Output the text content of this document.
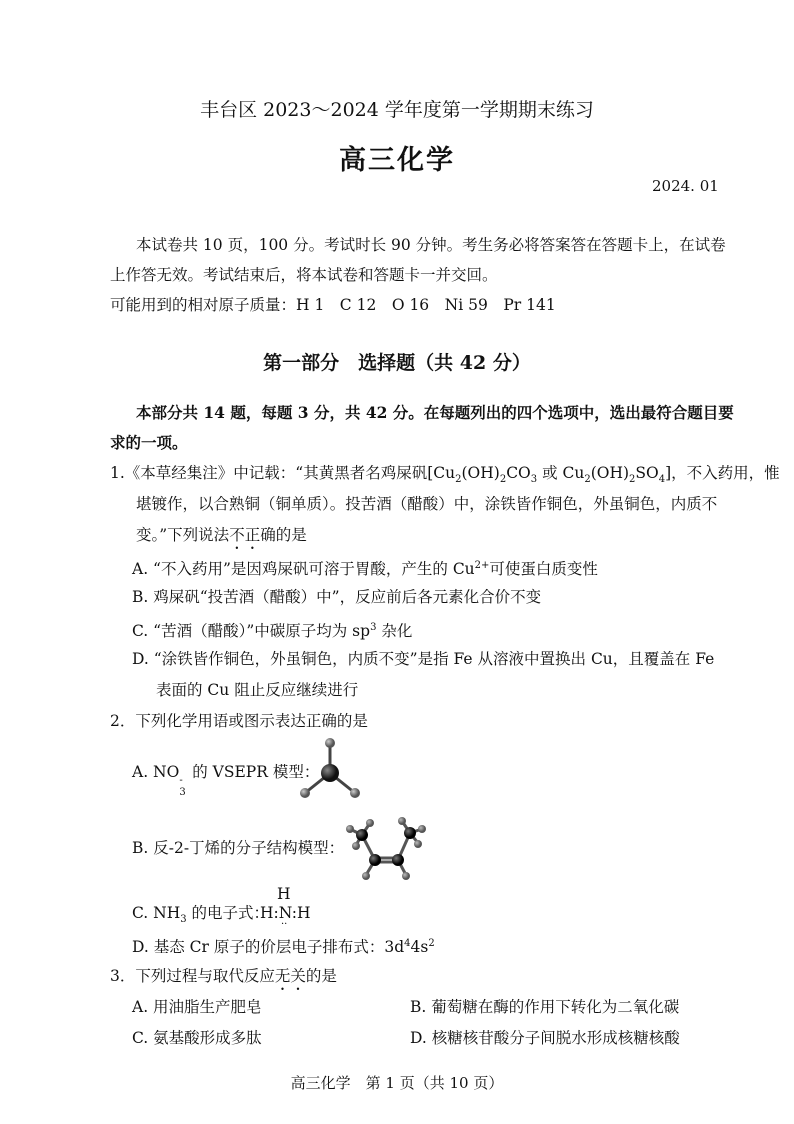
丰台区 2023～2024 学年度第一学期期末练习
高三化学
2024. 01
本试卷共 10 页，100 分。考试时长 90 分钟。考生务必将答案答在答题卡上，在试卷
上作答无效。考试结束后，将本试卷和答题卡一并交回。
可能用到的相对原子质量：H 1　C 12　O 16　Ni 59　Pr 141
第一部分　选择题（共 42 分）
本部分共 14 题，每题 3 分，共 42 分。在每题列出的四个选项中，选出最符合题目要
求的一项。
1.《本草经集注》中记载：“其黄黑者名鸡屎矾[$Cu_2(OH)_2CO_3$ 或 $Cu_2(OH)_2SO_4$]，不入药用，惟
堪镀作，以合熟铜（铜单质）。投苦酒（醋酸）中，涂铁皆作铜色，外虽铜色，内质不
变。”下列说法不正确的是
A. “不入药用”是因鸡屎矾可溶于胃酸，产生的 $Cu^{2+}$可使蛋白质变性
B. 鸡屎矾“投苦酒（醋酸）中”，反应前后各元素化合价不变
C. “苦酒（醋酸）”中碳原子均为 $sp^3$ 杂化
D. “涂铁皆作铜色，外虽铜色，内质不变”是指 Fe 从溶液中置换出 Cu，且覆盖在 Fe
表面的 Cu 阻止反应继续进行
2．下列化学用语或图示表达正确的是
A. NO -
3
的 VSEPR 模型：
B. 反-2-丁烯的分子结构模型：
C. $NH_3$ 的电子式：
H
H:N:H
··
D. 基态 Cr 原子的价层电子排布式：$3d^44s^2$
3．下列过程与取代反应无关的是
A. 用油脂生产肥皂	B. 葡萄糖在酶的作用下转化为二氧化碳
C. 氨基酸形成多肽	D. 核糖核苷酸分子间脱水形成核糖核酸
高三化学　第 1 页（共 10 页）
